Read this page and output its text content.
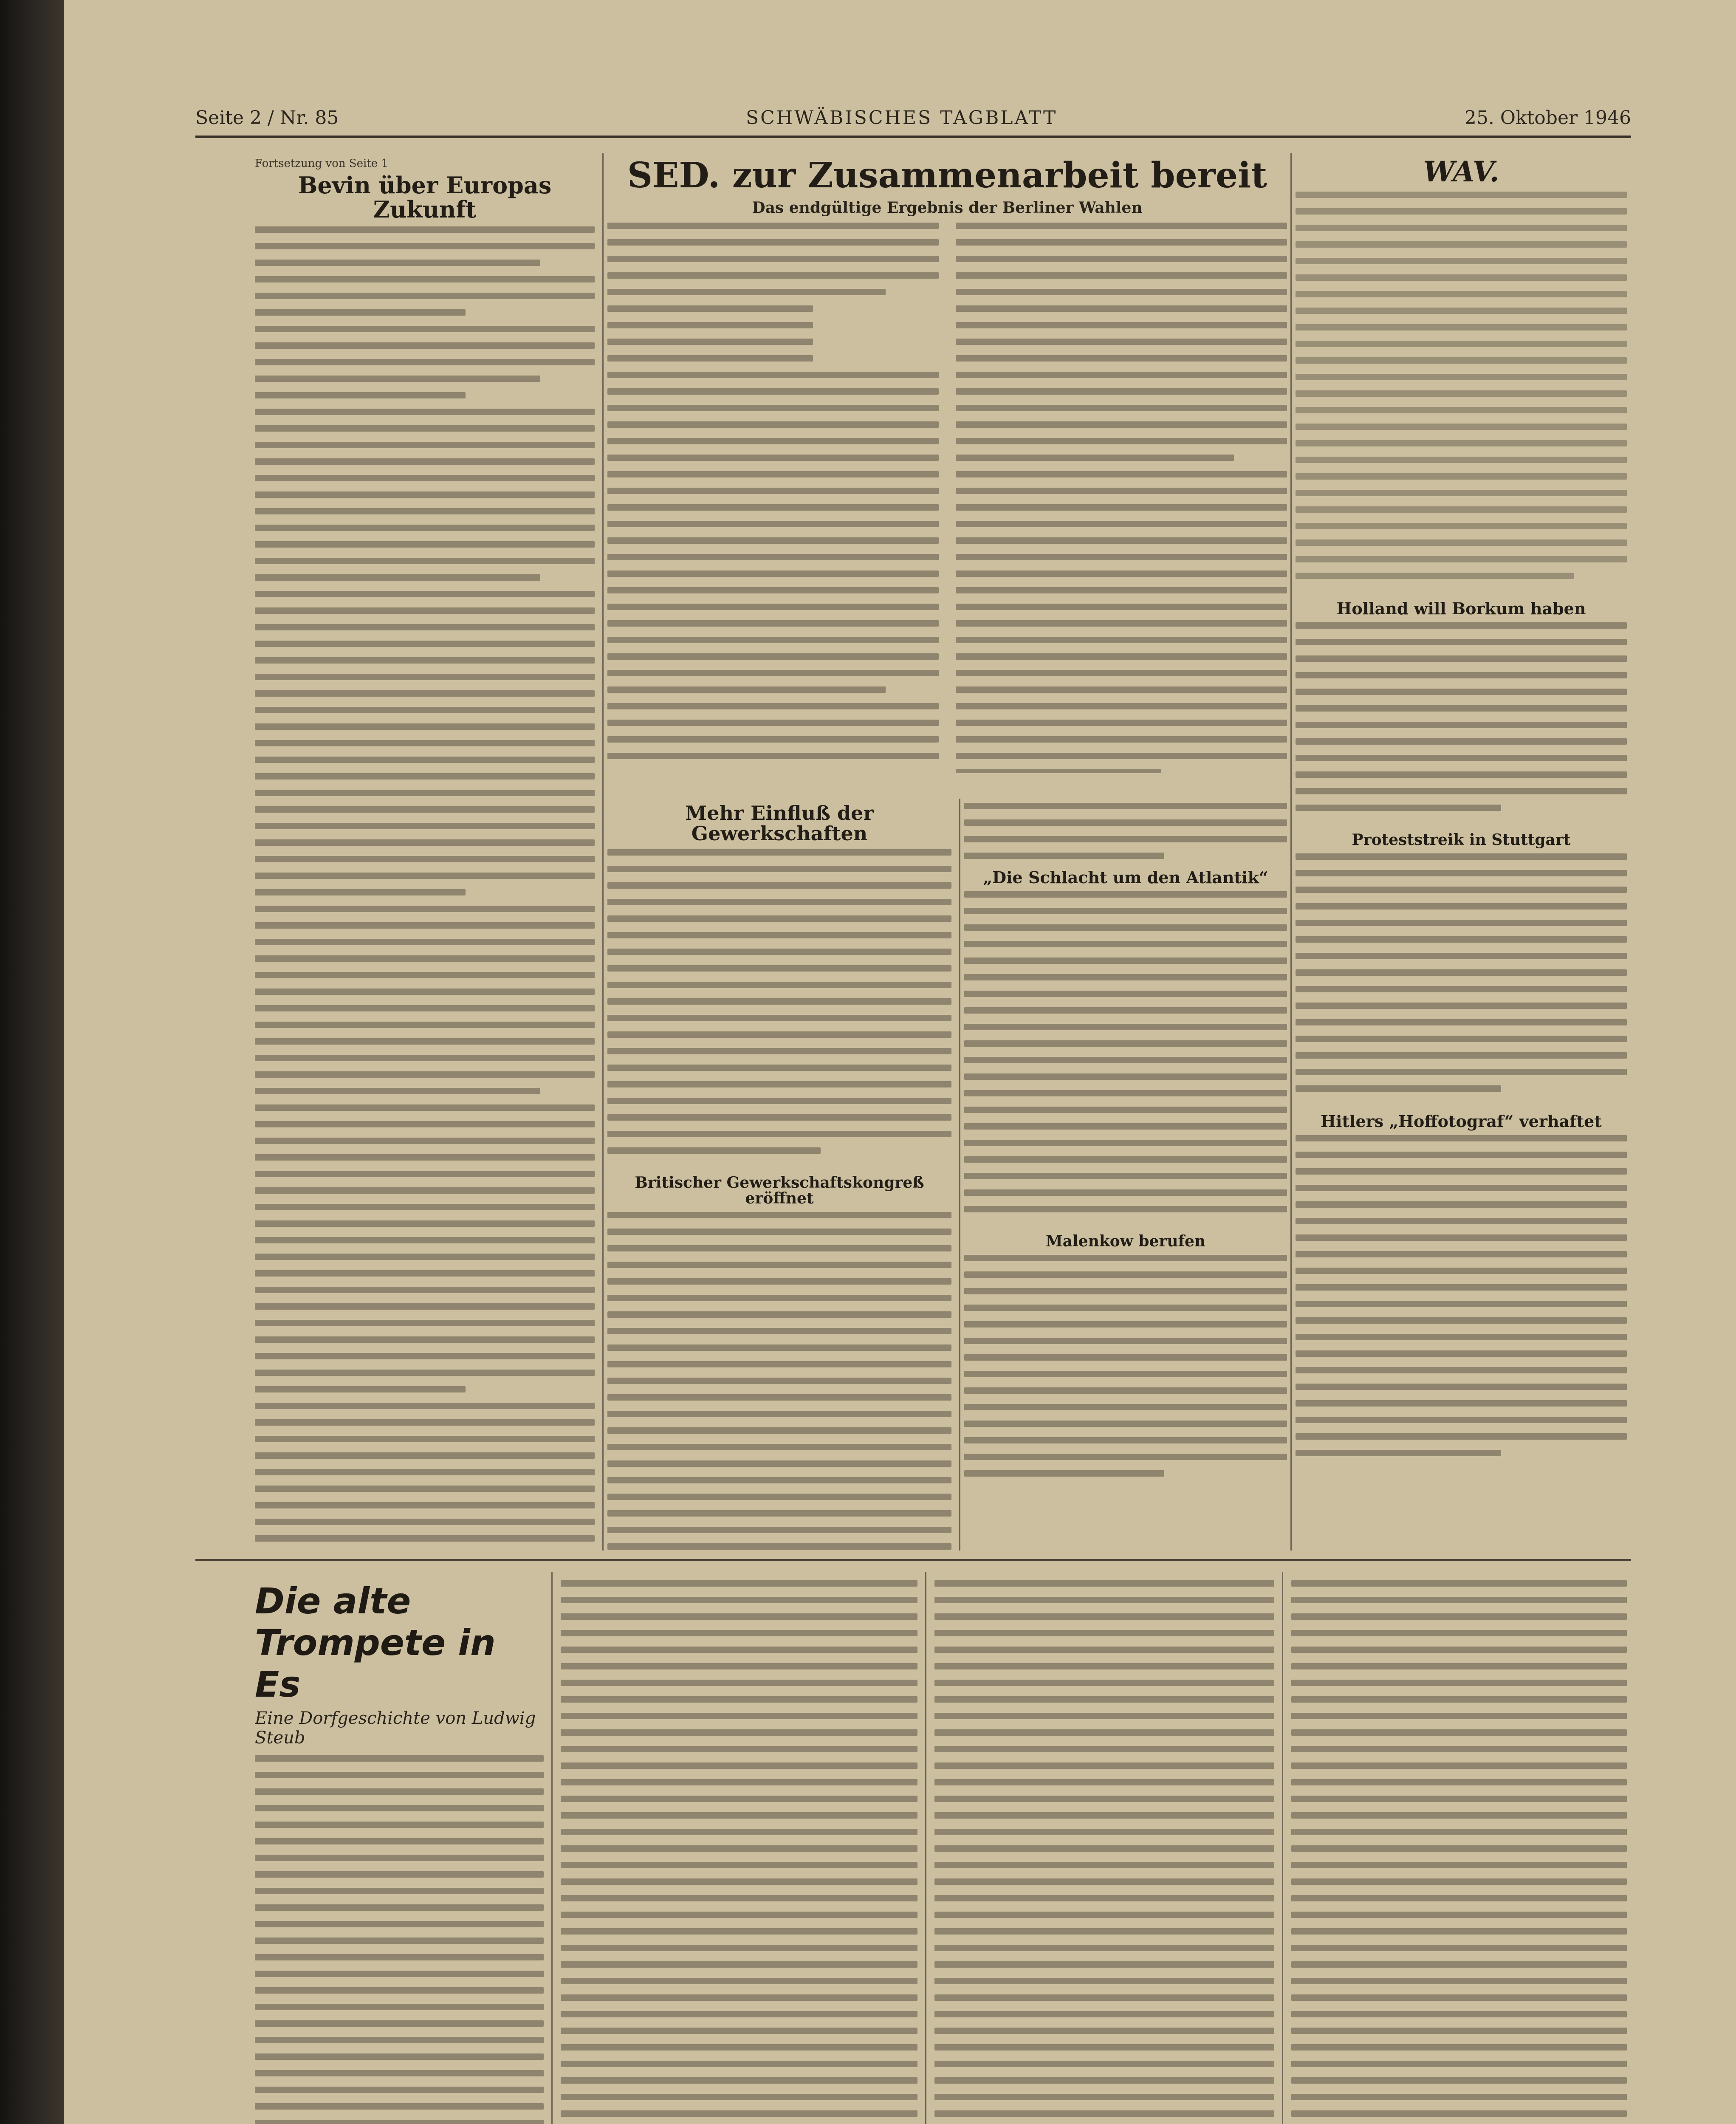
Seite 2 / Nr. 85	SCHWÄBISCHES TAGBLATT	25. Oktober 1946
Fortsetzung von Seite 1
Bevin über Europas Zukunft
SED. zur Zusammenarbeit bereit
Das endgültige Ergebnis der Berliner Wahlen
Mehr Einfluß der Gewerkschaften
Britischer Gewerkschaftskongreß eröffnet
„Die Schlacht um den Atlantik“
Malenkow berufen
WAV.
Holland will Borkum haben
Proteststreik in Stuttgart
Hitlers „Hoffotograf“ verhaftet
Die alte Trompete in Es
Eine Dorfgeschichte von Ludwig Steub
